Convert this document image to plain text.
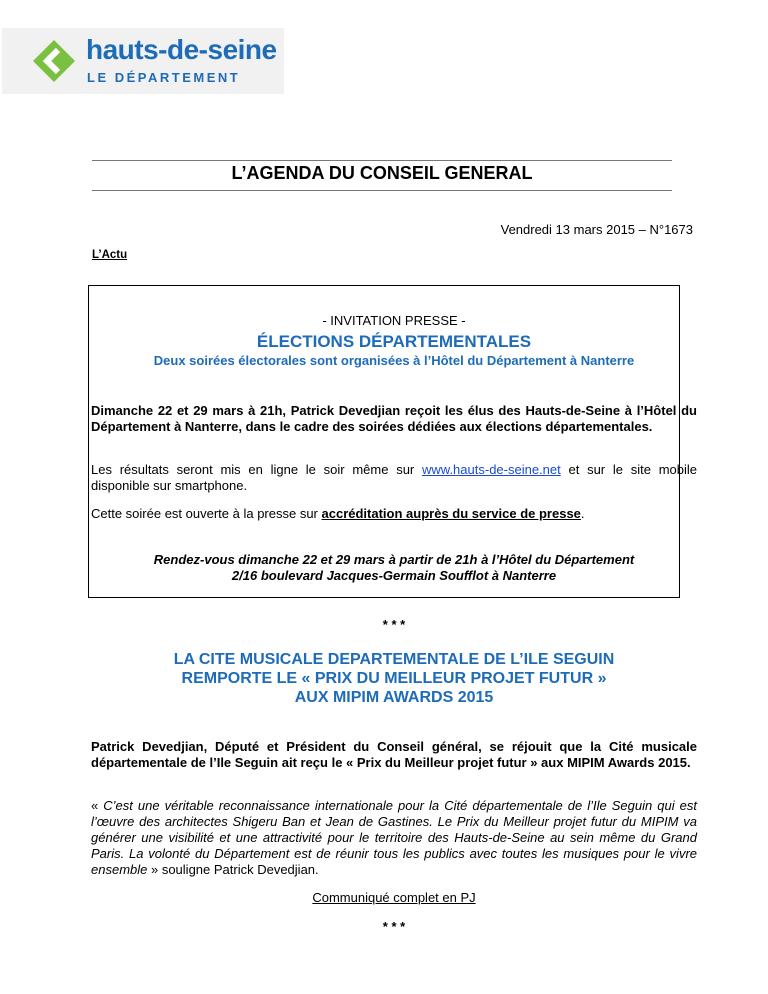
hauts-de-seine
LE DÉPARTEMENT
L’AGENDA DU CONSEIL GENERAL
Vendredi 13 mars 2015 – N°1673
L’Actu
- INVITATION PRESSE -
ÉLECTIONS DÉPARTEMENTALES
Deux soirées électorales sont organisées à l’Hôtel du Département à Nanterre
Dimanche 22 et 29 mars à 21h, Patrick Devedjian reçoit les élus des Hauts-de-Seine à l’Hôtel du Département à Nanterre, dans le cadre des soirées dédiées aux élections départementales.
Les résultats seront mis en ligne le soir même sur www.hauts-de-seine.net et sur le site mobile disponible sur smartphone.
Cette soirée est ouverte à la presse sur accréditation auprès du service de presse.
Rendez-vous dimanche 22 et 29 mars à partir de 21h à l’Hôtel du Département
2/16 boulevard Jacques-Germain Soufflot à Nanterre
* * *
LA CITE MUSICALE DEPARTEMENTALE DE L’ILE SEGUIN
REMPORTE LE « PRIX DU MEILLEUR PROJET FUTUR »
AUX MIPIM AWARDS 2015
Patrick Devedjian, Député et Président du Conseil général, se réjouit que la Cité musicale départementale de l’Ile Seguin ait reçu le « Prix du Meilleur projet futur » aux MIPIM Awards 2015.
« C’est une véritable reconnaissance internationale pour la Cité départementale de l’Ile Seguin qui est l’œuvre des architectes Shigeru Ban et Jean de Gastines. Le Prix du Meilleur projet futur du MIPIM va générer une visibilité et une attractivité pour le territoire des Hauts-de-Seine au sein même du Grand Paris. La volonté du Département est de réunir tous les publics avec toutes les musiques pour le vivre ensemble » souligne Patrick Devedjian.
Communiqué complet en PJ
* * *
